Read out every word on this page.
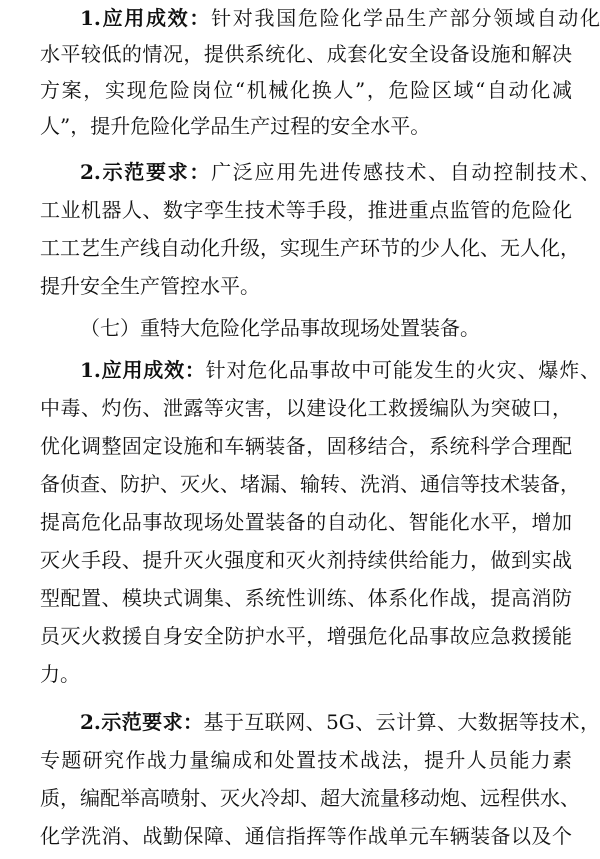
1.应用成效：针对我国危险化学品生产部分领域自动化
水平较低的情况，提供系统化、成套化安全设备设施和解决
方案，实现危险岗位“机械化换人”，危险区域“自动化减
人”，提升危险化学品生产过程的安全水平。
2.示范要求：广泛应用先进传感技术、自动控制技术、
工业机器人、数字孪生技术等手段，推进重点监管的危险化
工工艺生产线自动化升级，实现生产环节的少人化、无人化，
提升安全生产管控水平。
（七）重特大危险化学品事故现场处置装备。
1.应用成效：针对危化品事故中可能发生的火灾、爆炸、
中毒、灼伤、泄露等灾害，以建设化工救援编队为突破口，
优化调整固定设施和车辆装备，固移结合，系统科学合理配
备侦查、防护、灭火、堵漏、输转、洗消、通信等技术装备，
提高危化品事故现场处置装备的自动化、智能化水平，增加
灭火手段、提升灭火强度和灭火剂持续供给能力，做到实战
型配置、模块式调集、系统性训练、体系化作战，提高消防
员灭火救援自身安全防护水平，增强危化品事故应急救援能
力。
2.示范要求：基于互联网、5G、云计算、大数据等技术，
专题研究作战力量编成和处置技术战法，提升人员能力素
质，编配举高喷射、灭火冷却、超大流量移动炮、远程供水、
化学洗消、战勤保障、通信指挥等作战单元车辆装备以及个
